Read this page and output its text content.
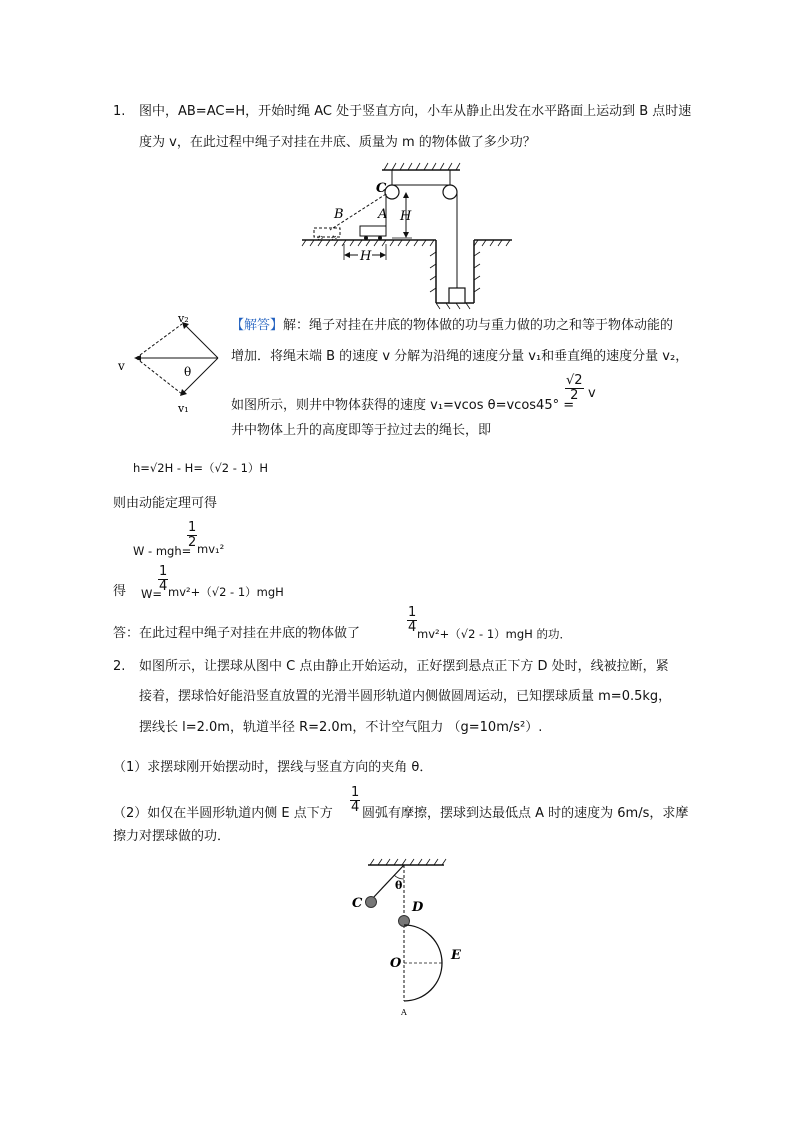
1. 图中，AB=AC=H，开始时绳 AC 处于竖直方向，小车从静止出发在水平路面上运动到 B 点时速
度为 v，在此过程中绳子对挂在井底、质量为 m 的物体做了多少功？
C
B	A H
H
v₂
v	θ
v₁
【解答】解：绳子对挂在井底的物体做的功与重力做的功之和等于物体动能的
增加．将绳末端 B 的速度 v 分解为沿绳的速度分量 v₁和垂直绳的速度分量 v₂，
如图所示，则井中物体获得的速度 v₁=vcos θ=vcos45° =
$\frac{√2}{2}$ v
井中物体上升的高度即等于拉过去的绳长，即
h=√2H - H=（√2 - 1）H
则由动能定理可得
$\frac{1}{2}$
W - mgh= mv₁²
$\frac{1}{4}$
得 W= mv²+（√2 - 1）mgH
答：在此过程中绳子对挂在井底的物体做了	$\frac{1}{4} mv^2+(√2 - 1)mgH$ 的功．
2. 如图所示，让摆球从图中 C 点由静止开始运动，正好摆到悬点正下方 D 处时，线被拉断，紧
接着，摆球恰好能沿竖直放置的光滑半圆形轨道内侧做圆周运动，已知摆球质量 m=0.5kg，
摆线长 l=2.0m，轨道半径 R=2.0m，不计空气阻力 （g=10m/s²）.
（1）求摆球刚开始摆动时，摆线与竖直方向的夹角 θ．
$\frac{1}{4}$
（2）如仅在半圆形轨道内侧 E 点下方 圆弧有摩擦，摆球到达最低点 A 时的速度为 6m/s，求摩
擦力对摆球做的功．
C
θ
D
O
E
A
